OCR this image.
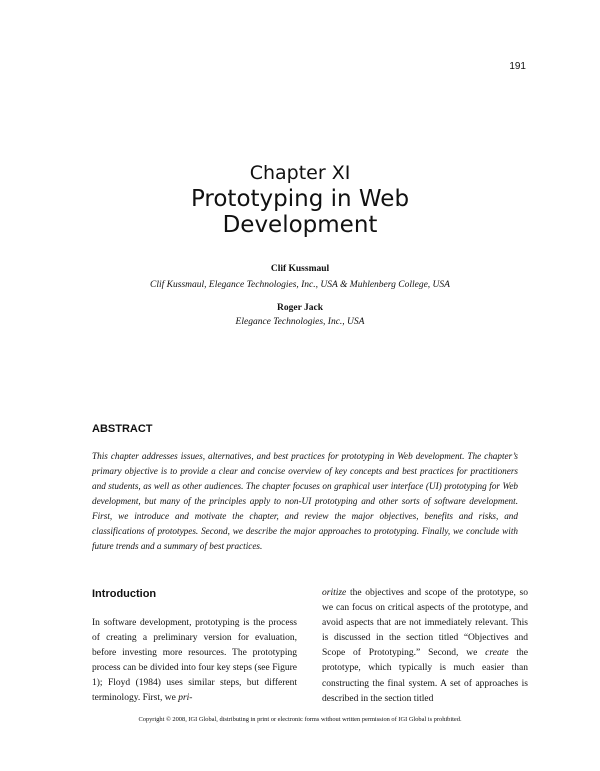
191
Chapter XI
Prototyping in Web
Development
Clif Kussmaul
Clif Kussmaul, Elegance Technologies, Inc., USA & Muhlenberg College, USA
Roger Jack
Elegance Technologies, Inc., USA
ABSTRACT
This chapter addresses issues, alternatives, and best practices for prototyping in Web development. The chapter’s primary objective is to provide a clear and concise overview of key concepts and best practices for practitioners and students, as well as other audiences. The chapter focuses on graphical user interface (UI) prototyping for Web development, but many of the principles apply to non-UI prototyping and other sorts of software development. First, we introduce and motivate the chapter, and review the major objectives, benefits and risks, and classifications of prototypes. Second, we describe the major approaches to prototyping. Finally, we conclude with future trends and a summary of best practices.
Introduction
In software development, prototyping is the process of creating a preliminary version for evaluation, before investing more resources. The prototyping process can be divided into four key steps (see Figure 1); Floyd (1984) uses similar steps, but different terminology. First, we pri-
oritize the objectives and scope of the prototype, so we can focus on critical aspects of the prototype, and avoid aspects that are not immediately relevant. This is discussed in the section titled “Objectives and Scope of Prototyping.” Second, we create the prototype, which typically is much easier than constructing the final system. A set of approaches is described in the section titled
Copyright © 2008, IGI Global, distributing in print or electronic forms without written permission of IGI Global is prohibited.
